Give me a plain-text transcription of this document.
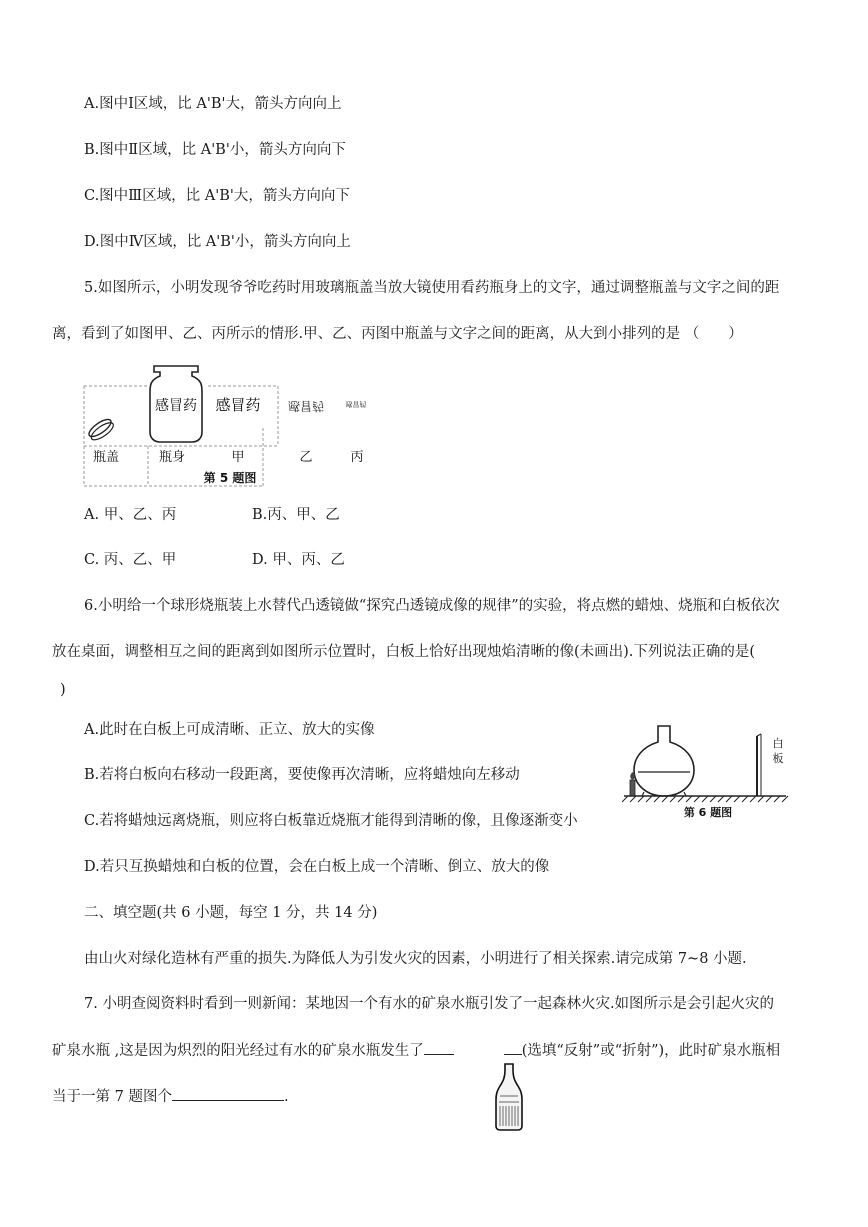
A.图中Ⅰ区域，比 A'B'大，箭头方向向上
B.图中Ⅱ区域，比 A'B'小，箭头方向向下
C.图中Ⅲ区域，比 A'B'大，箭头方向向下
D.图中Ⅳ区域，比 A'B'小，箭头方向向上
5.如图所示，小明发现爷爷吃药时用玻璃瓶盖当放大镜使用看药瓶身上的文字，通过调整瓶盖与文字之间的距
离，看到了如图甲、乙、丙所示的情形.甲、乙、丙图中瓶盖与文字之间的距离，从大到小排列的是 （　　）
感冒药 感冒药 感冒药	感冒药
瓶盖	瓶身	甲	乙	丙
第 5 题图
A. 甲、乙、丙	B.丙、甲、乙
C. 丙、乙、甲	D. 甲、丙、乙
6.小明给一个球形烧瓶装上水替代凸透镜做“探究凸透镜成像的规律”的实验，将点燃的蜡烛、烧瓶和白板依次
放在桌面，调整相互之间的距离到如图所示位置时，白板上恰好出现烛焰清晰的像(未画出).下列说法正确的是(
)
A.此时在白板上可成清晰、正立、放大的实像
B.若将白板向右移动一段距离，要使像再次清晰，应将蜡烛向左移动
C.若将蜡烛远离烧瓶，则应将白板靠近烧瓶才能得到清晰的像，且像逐渐变小
D.若只互换蜡烛和白板的位置，会在白板上成一个清晰、倒立、放大的像
白
板
第 6 题图
二、填空题(共 6 小题，每空 1 分，共 14 分)
由山火对绿化造林有严重的损失.为降低人为引发火灾的因素，小明进行了相关探索.请完成第 7~8 小题.
7. 小明查阅资料时看到一则新闻：某地因一个有水的矿泉水瓶引发了一起森林火灾.如图所示是会引起火灾的
矿泉水瓶 ,这是因为炽烈的阳光经过有水的矿泉水瓶发生了	(选填“反射”或“折射”)，此时矿泉水瓶相
当于一第 7 题图个	.
